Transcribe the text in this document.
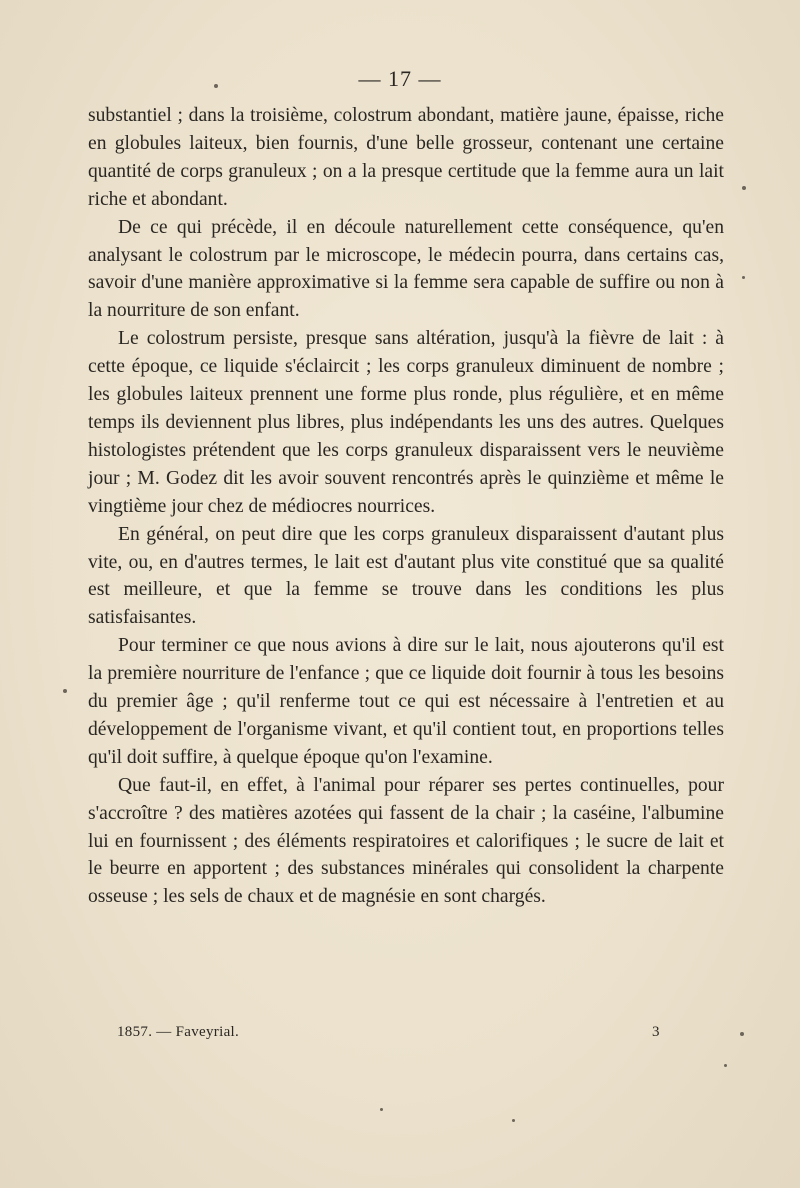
— 17 —

substantiel ; dans la troisième, colostrum abondant, matière jaune, épaisse, riche en globules laiteux, bien fournis, d'une belle grosseur, contenant une certaine quantité de corps granuleux ; on a la presque certitude que la femme aura un lait riche et abondant.

De ce qui précède, il en découle naturellement cette conséquence, qu'en analysant le colostrum par le microscope, le médecin pourra, dans certains cas, savoir d'une manière approximative si la femme sera capable de suffire ou non à la nourriture de son enfant.

Le colostrum persiste, presque sans altération, jusqu'à la fièvre de lait : à cette époque, ce liquide s'éclaircit ; les corps granuleux diminuent de nombre ; les globules laiteux prennent une forme plus ronde, plus régulière, et en même temps ils deviennent plus libres, plus indépendants les uns des autres. Quelques histologistes prétendent que les corps granuleux disparaissent vers le neuvième jour ; M. Godez dit les avoir souvent rencontrés après le quinzième et même le vingtième jour chez de médiocres nourrices.

En général, on peut dire que les corps granuleux disparaissent d'autant plus vite, ou, en d'autres termes, le lait est d'autant plus vite constitué que sa qualité est meilleure, et que la femme se trouve dans les conditions les plus satisfaisantes.

Pour terminer ce que nous avions à dire sur le lait, nous ajouterons qu'il est la première nourriture de l'enfance ; que ce liquide doit fournir à tous les besoins du premier âge ; qu'il renferme tout ce qui est nécessaire à l'entretien et au développement de l'organisme vivant, et qu'il contient tout, en proportions telles qu'il doit suffire, à quelque époque qu'on l'examine.

Que faut-il, en effet, à l'animal pour réparer ses pertes continuelles, pour s'accroître ? des matières azotées qui fassent de la chair ; la caséine, l'albumine lui en fournissent ; des éléments respiratoires et calorifiques ; le sucre de lait et le beurre en apportent ; des substances minérales qui consolident la charpente osseuse ; les sels de chaux et de magnésie en sont chargés.

1857. — Faveyrial.	3
